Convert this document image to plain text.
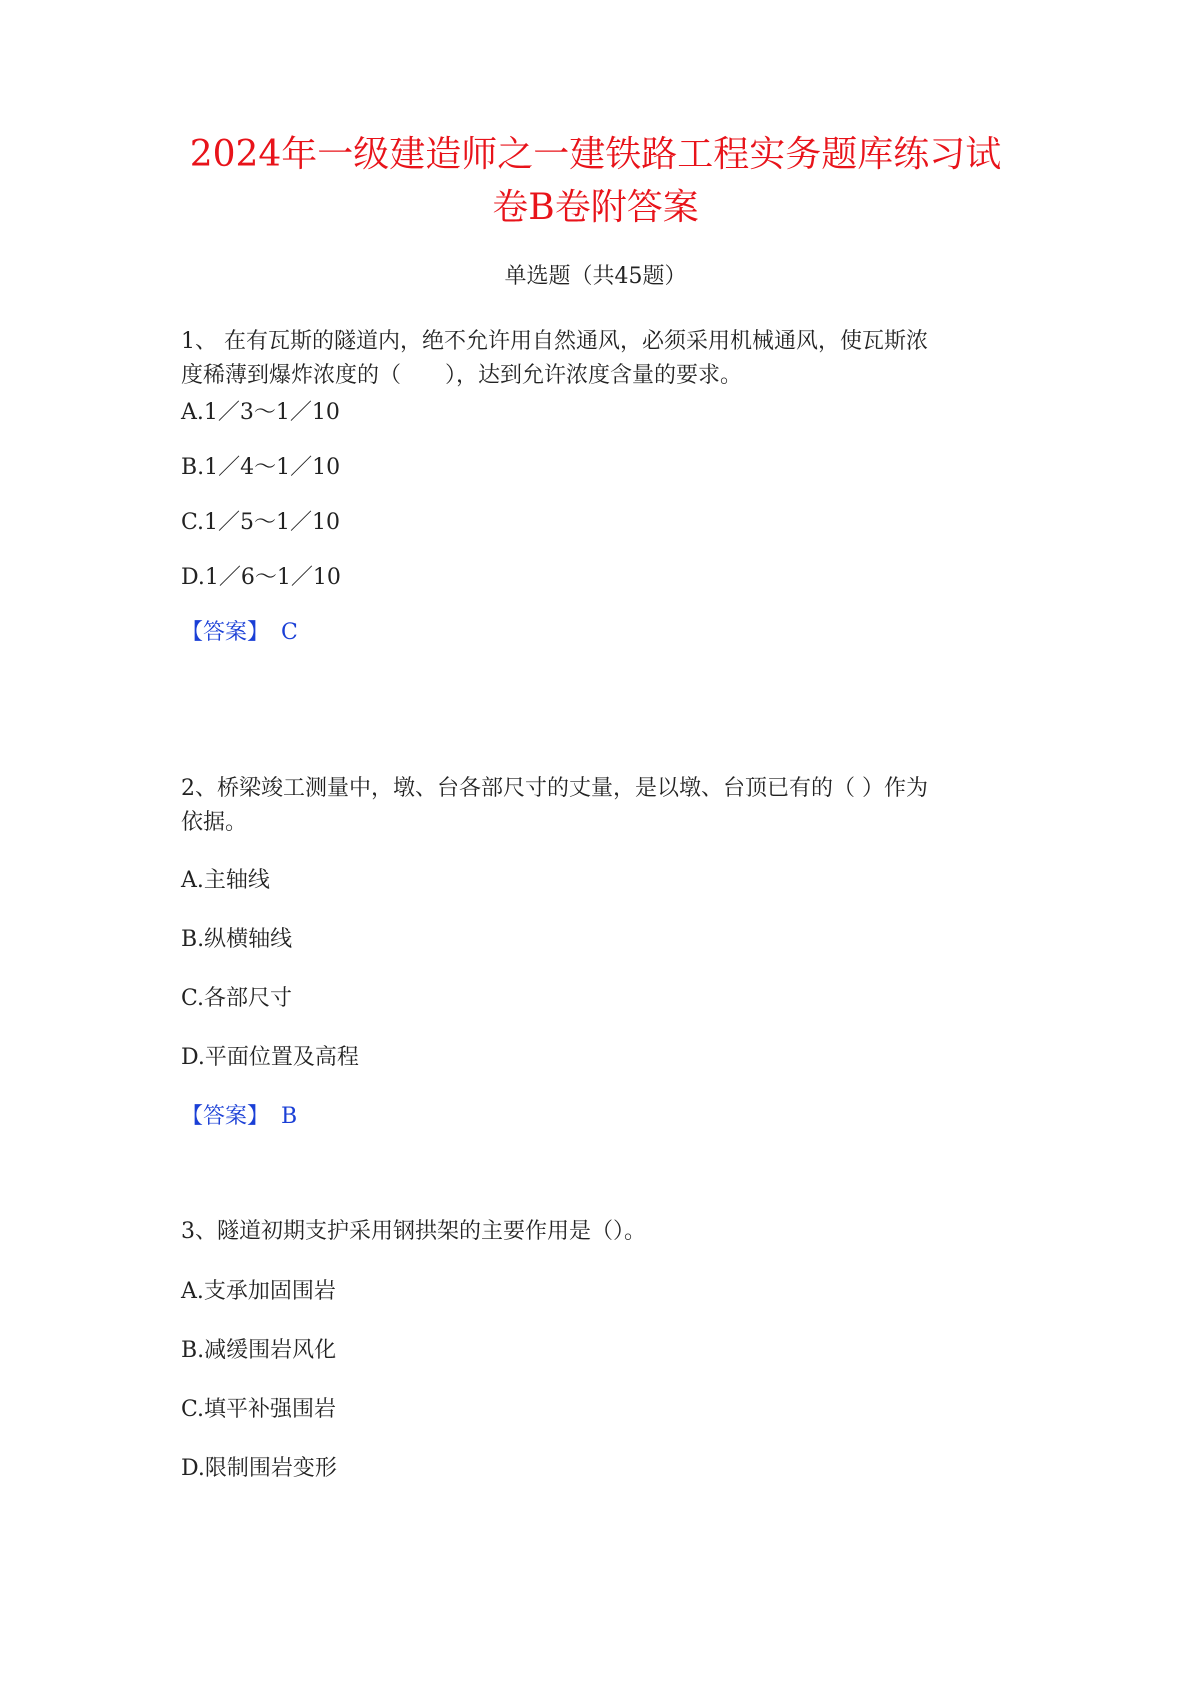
2024年一级建造师之一建铁路工程实务题库练习试
卷B卷附答案
单选题（共45题）
1、 在有瓦斯的隧道内，绝不允许用自然通风，必须采用机械通风，使瓦斯浓
度稀薄到爆炸浓度的（　　），达到允许浓度含量的要求。
A.1／3～1／10
B.1／4～1／10
C.1／5～1／10
D.1／6～1／10
【答案】 C
2、桥梁竣工测量中，墩、台各部尺寸的丈量，是以墩、台顶已有的（ ）作为
依据。
A.主轴线
B.纵横轴线
C.各部尺寸
D.平面位置及高程
【答案】 B
3、隧道初期支护采用钢拱架的主要作用是（）。
A.支承加固围岩
B.减缓围岩风化
C.填平补强围岩
D.限制围岩变形
